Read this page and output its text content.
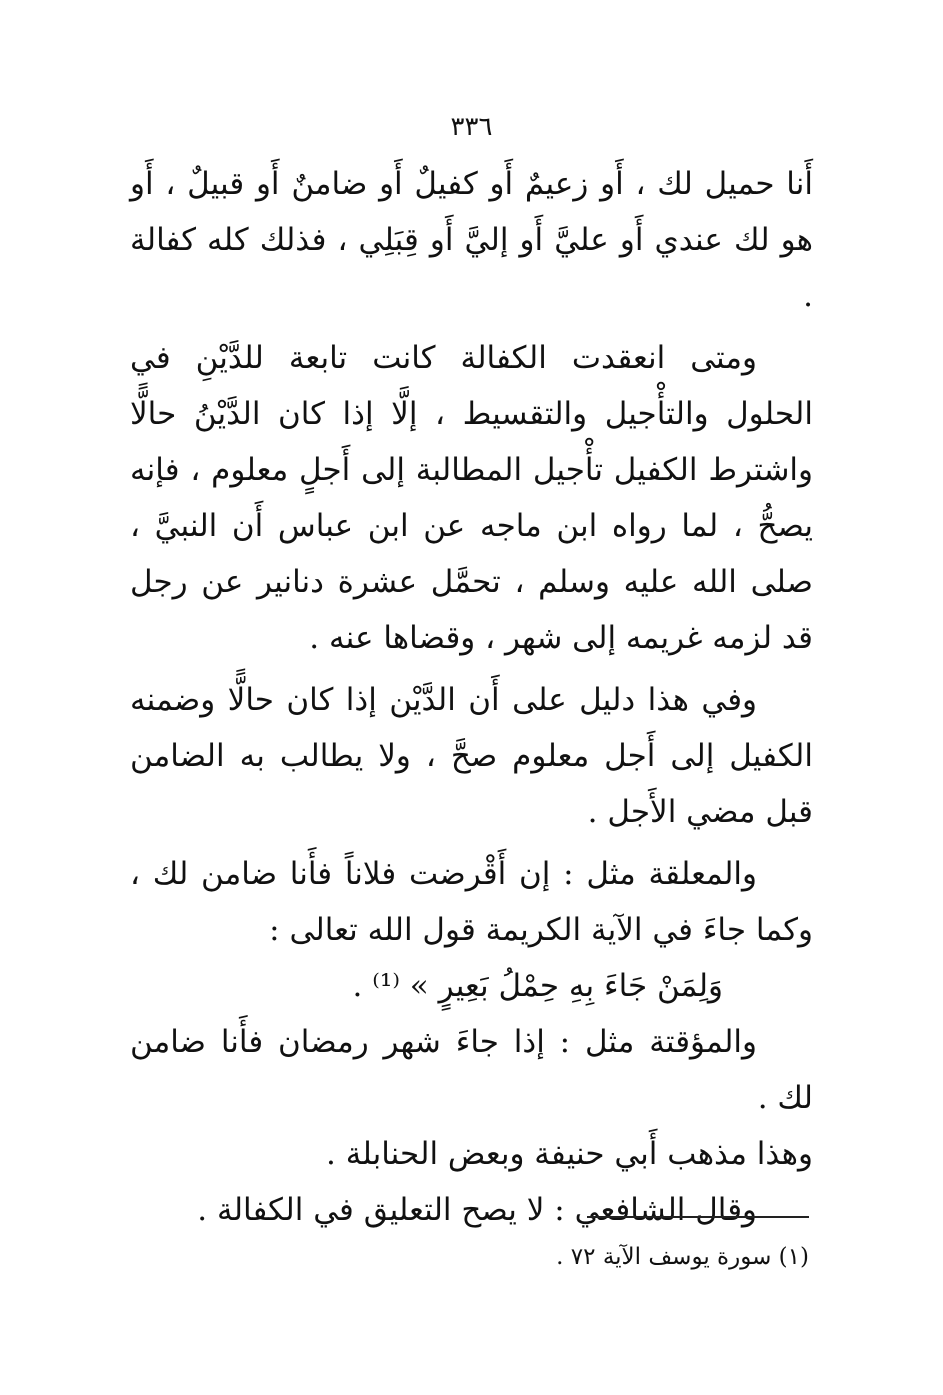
٣٣٦

أَنا حميل لك ، أَو زعيمٌ أَو كفيلٌ أَو ضامنٌ أَو قبيلٌ ، أَو هو لك عندي أَو عليَّ أَو إليَّ أَو قِبَلِي ، فذلك كله كفالة .

ومتى انعقدت الكفالة كانت تابعة للدَّيْنِ في الحلول والتأْجيل والتقسيط ، إلَّا إذا كان الدَّيْنُ حالًّا واشترط الكفيل تأْجيل المطالبة إلى أَجلٍ معلوم ، فإنه يصحُّ ، لما رواه ابن ماجه عن ابن عباس أَن النبيَّ ، صلى الله عليه وسلم ، تحمَّل عشرة دنانير عن رجل قد لزمه غريمه إلى شهر ، وقضاها عنه .

وفي هذا دليل على أَن الدَّيْن إذا كان حالًّا وضمنه الكفيل إلى أَجل معلوم صحَّ ، ولا يطالب به الضامن قبل مضي الأَجل .

والمعلقة مثل : إن أَقْرضت فلاناً فأَنا ضامن لك ، وكما جاءَ في الآية الكريمة قول الله تعالى :

وَلِمَنْ جَاءَ بِهِ حِمْلُ بَعِيرٍ » ⁽¹⁾ .

والمؤقتة مثل : إذا جاءَ شهر رمضان فأَنا ضامن لك .

وهذا مذهب أَبي حنيفة وبعض الحنابلة .

وقال الشافعي : لا يصح التعليق في الكفالة .

(١) سورة يوسف الآية ٧٢ .
